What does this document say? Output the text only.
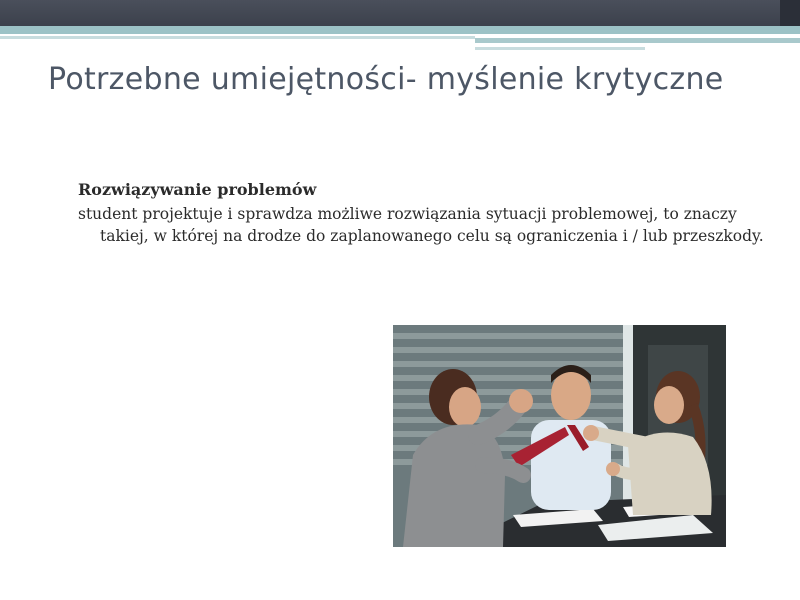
Potrzebne umiejętności- myślenie krytyczne

Rozwiązywanie problemów

student projektuje i sprawdza możliwe rozwiązania sytuacji problemowej, to znaczy takiej, w której na drodze do zaplanowanego celu są ograniczenia i / lub przeszkody.
